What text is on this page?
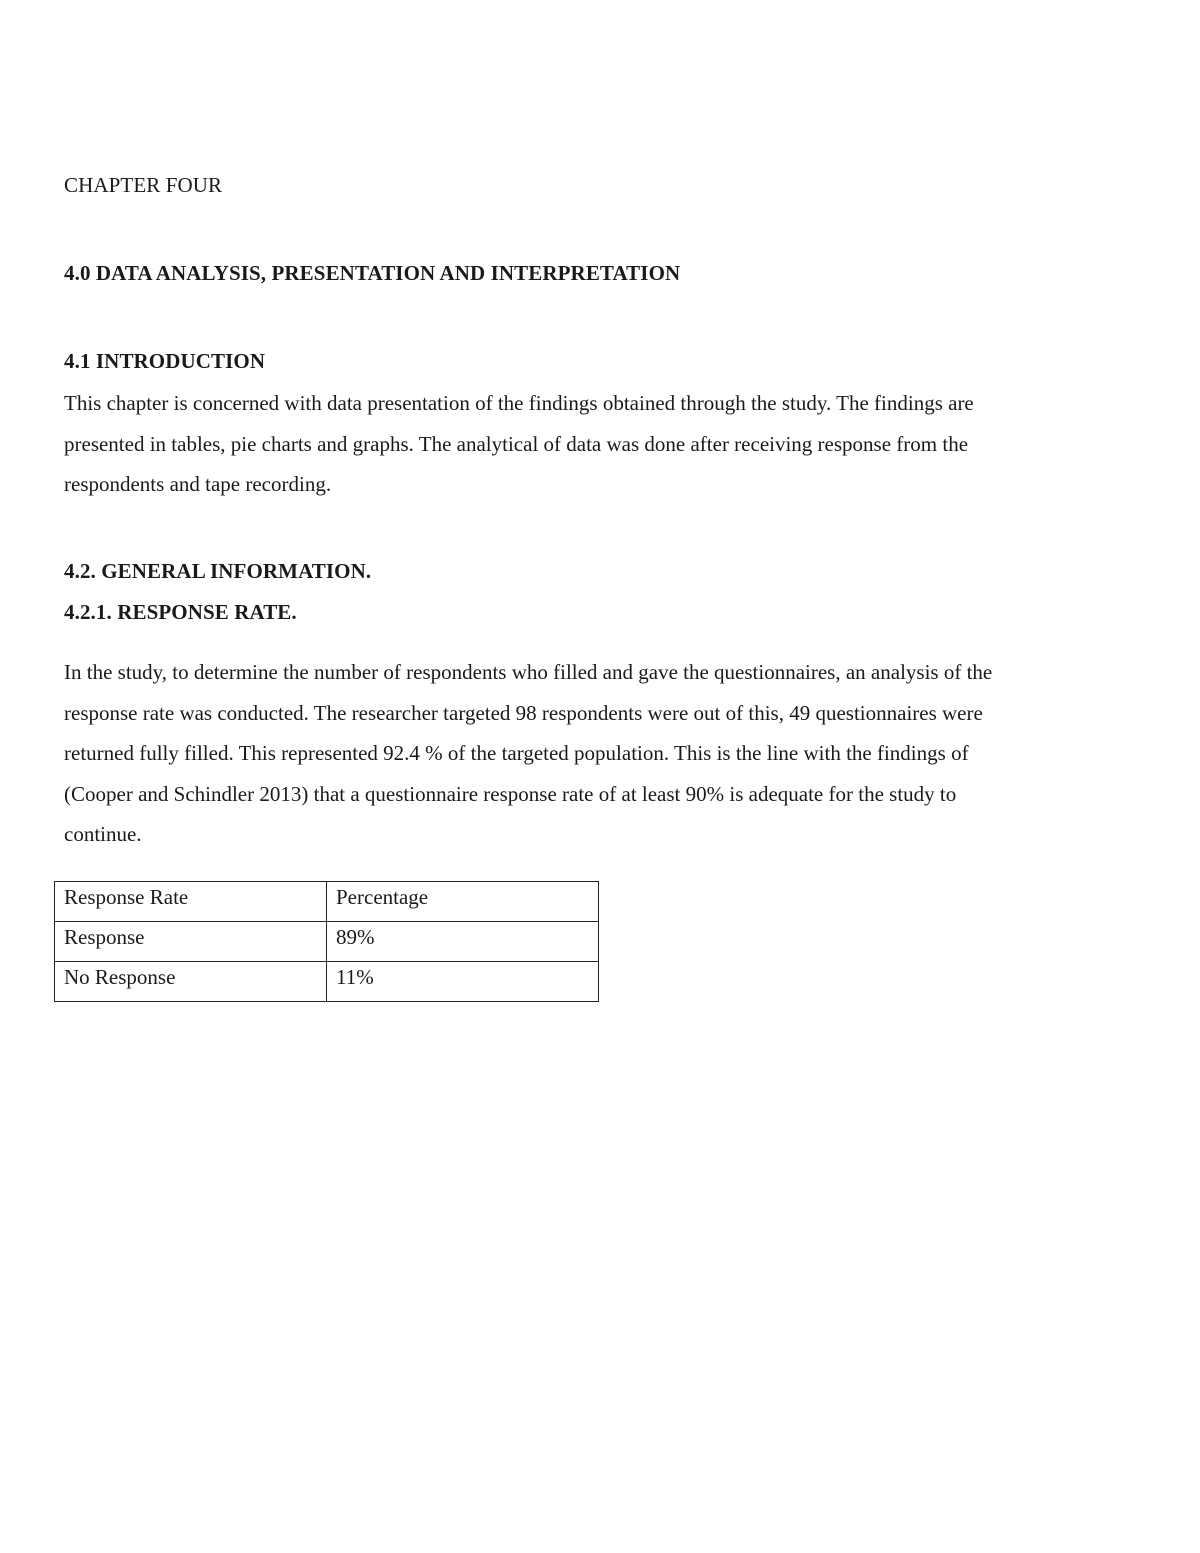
CHAPTER FOUR
4.0 DATA ANALYSIS, PRESENTATION AND INTERPRETATION
4.1 INTRODUCTION

This chapter is concerned with data presentation of the findings obtained through the study. The findings are
presented in tables, pie charts and graphs. The analytical of data was done after receiving response from the
respondents and tape recording.

4.2. GENERAL INFORMATION.
4.2.1. RESPONSE RATE.

In the study, to determine the number of respondents who filled and gave the questionnaires, an analysis of the
response rate was conducted. The researcher targeted 98 respondents were out of this, 49 questionnaires were
returned fully filled. This represented 92.4 % of the targeted population. This is the line with the findings of
(Cooper and Schindler 2013) that a questionnaire response rate of at least 90% is adequate for the study to
continue.

Response Rate	Percentage
Response	89%
No Response	11%
